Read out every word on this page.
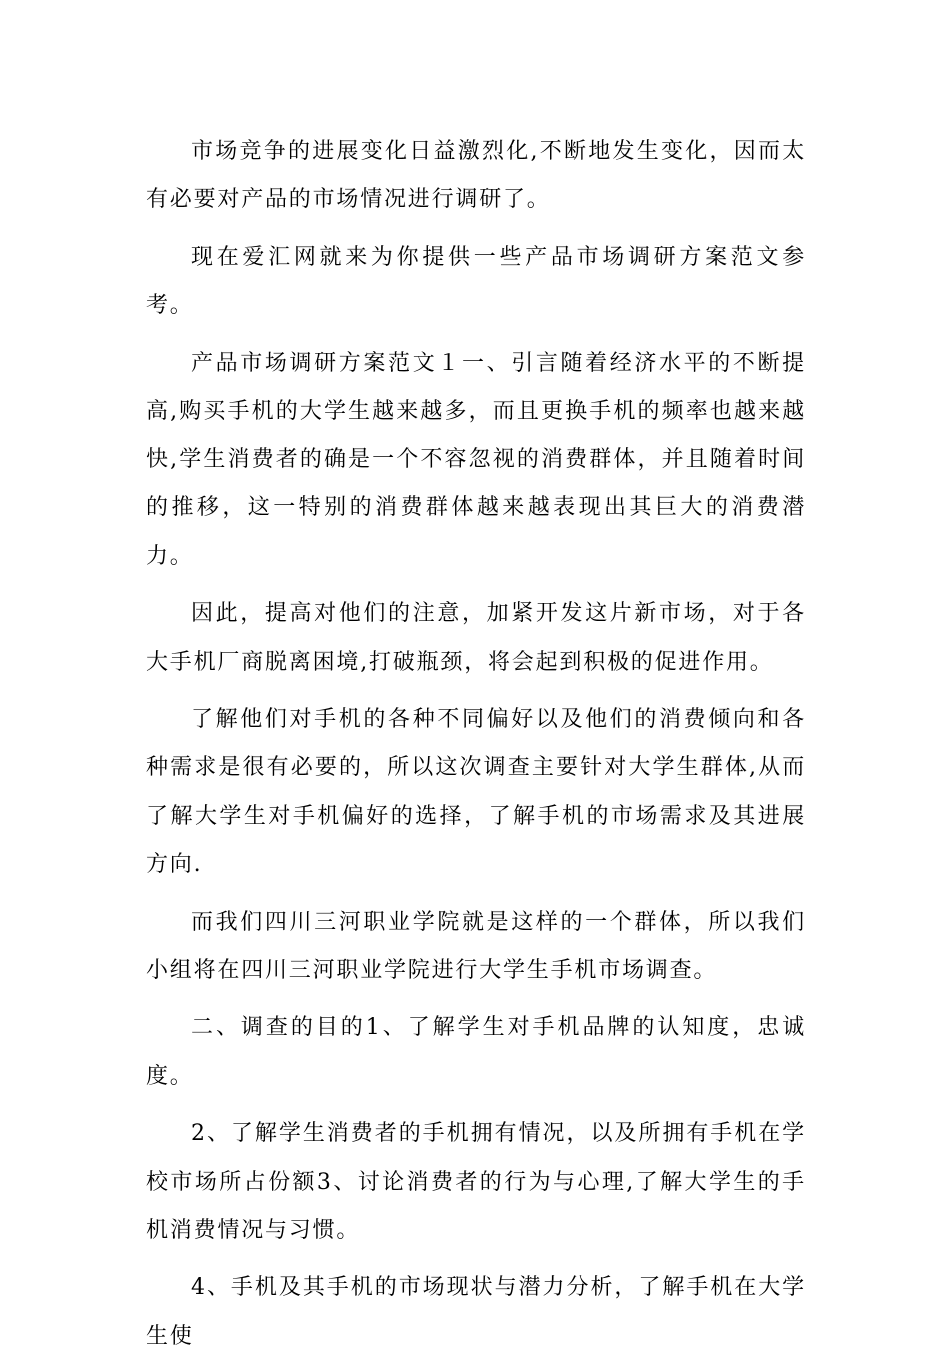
市场竞争的进展变化日益激烈化,不断地发生变化，因而太有必要对产品的市场情况进行调研了。

现在爱汇网就来为你提供一些产品市场调研方案范文参考。

产品市场调研方案范文１一、引言随着经济水平的不断提高,购买手机的大学生越来越多，而且更换手机的频率也越来越快,学生消费者的确是一个不容忽视的消费群体，并且随着时间的推移，这一特别的消费群体越来越表现出其巨大的消费潜力。

因此，提高对他们的注意，加紧开发这片新市场，对于各大手机厂商脱离困境,打破瓶颈，将会起到积极的促进作用。

了解他们对手机的各种不同偏好以及他们的消费倾向和各种需求是很有必要的，所以这次调查主要针对大学生群体,从而了解大学生对手机偏好的选择，了解手机的市场需求及其进展方向.

而我们四川三河职业学院就是这样的一个群体，所以我们小组将在四川三河职业学院进行大学生手机市场调查。

二、调查的目的1、了解学生对手机品牌的认知度，忠诚度。

2、了解学生消费者的手机拥有情况，以及所拥有手机在学校市场所占份额3、讨论消费者的行为与心理,了解大学生的手机消费情况与习惯。

4、手机及其手机的市场现状与潜力分析，了解手机在大学生使
